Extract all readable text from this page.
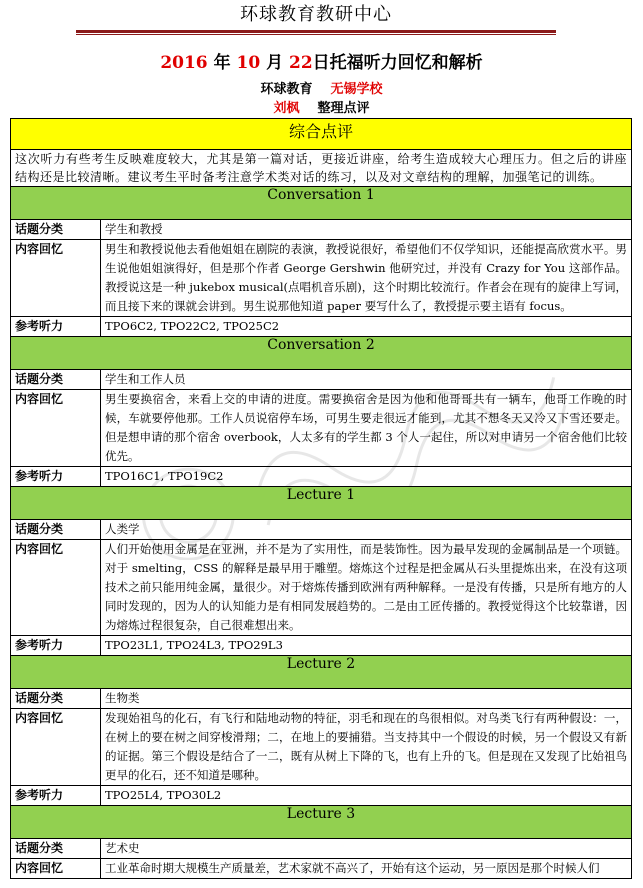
环球教育教研中心
2016 年 10 月 22日托福听力回忆和解析
环球教育 无锡学校
刘枫 整理点评
综合点评	
这次听力有些考生反映难度较大，尤其是第一篇对话，更接近讲座，给考生造成较大心理压力。但之后的讲座结构还是比较清晰。建议考生平时备考注意学术类对话的练习，以及对文章结构的理解，加强笔记的训练。	
Conversation 1	
话题分类	学生和教授
内容回忆	男生和教授说他去看他姐姐在剧院的表演，教授说很好，希望他们不仅学知识，还能提高欣赏水平。男生说他姐姐演得好，但是那个作者 George Gershwin 他研究过，并没有 Crazy for You 这部作品。教授说这是一种 jukebox musical(点唱机音乐剧)，这个时期比较流行。作者会在现有的旋律上写词，而且接下来的课就会讲到。男生说那他知道 paper 要写什么了，教授提示要主语有 focus。
参考听力	TPO6C2, TPO22C2, TPO25C2
Conversation 2	
话题分类	学生和工作人员
内容回忆	男生要换宿舍，来看上交的申请的进度。需要换宿舍是因为他和他哥哥共有一辆车，他哥工作晚的时候，车就要停他那。工作人员说宿停车场，可男生要走很远才能到，尤其不想冬天又冷又下雪还要走。但是想申请的那个宿舍 overbook，人太多有的学生都 3 个人一起住，所以对申请另一个宿舍他们比较优先。
参考听力	TPO16C1, TPO19C2
Lecture 1	
话题分类	人类学
内容回忆	人们开始使用金属是在亚洲，并不是为了实用性，而是装饰性。因为最早发现的金属制品是一个项链。对于 smelting，CSS 的解释是最早用于雕塑。熔炼这个过程是把金属从石头里提炼出来，在没有这项技术之前只能用纯金属，量很少。对于熔炼传播到欧洲有两种解释。一是没有传播，只是所有地方的人同时发现的，因为人的认知能力是有相同发展趋势的。二是由工匠传播的。教授觉得这个比较靠谱，因为熔炼过程很复杂，自己很难想出来。
参考听力	TPO23L1, TPO24L3, TPO29L3
Lecture 2	
话题分类	生物类
内容回忆	发现始祖鸟的化石，有飞行和陆地动物的特征，羽毛和现在的鸟很相似。对鸟类飞行有两种假设：一，在树上的要在树之间穿梭滑翔；二，在地上的要捕猎。当支持其中一个假设的时候，另一个假设又有新的证据。第三个假设是结合了一二，既有从树上下降的飞，也有上升的飞。但是现在又发现了比始祖鸟更早的化石，还不知道是哪种。
参考听力	TPO25L4, TPO30L2
Lecture 3	
话题分类	艺术史
内容回忆	工业革命时期大规模生产质量差，艺术家就不高兴了，开始有这个运动，另一原因是那个时候人们
